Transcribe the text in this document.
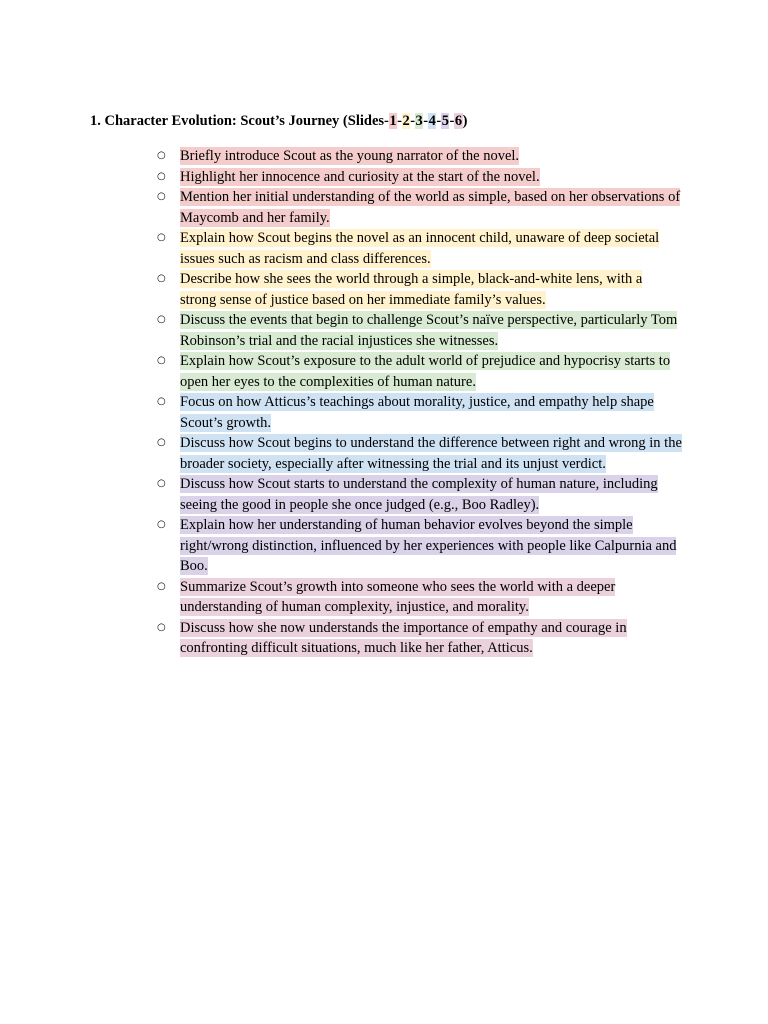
1. Character Evolution: Scout’s Journey (Slides-1-2-3-4-5-6)
○ Briefly introduce Scout as the young narrator of the novel.
○ Highlight her innocence and curiosity at the start of the novel.
○ Mention her initial understanding of the world as simple, based on her observations of Maycomb and her family.
○ Explain how Scout begins the novel as an innocent child, unaware of deep societal issues such as racism and class differences.
○ Describe how she sees the world through a simple, black-and-white lens, with a strong sense of justice based on her immediate family’s values.
○ Discuss the events that begin to challenge Scout’s naïve perspective, particularly Tom Robinson’s trial and the racial injustices she witnesses.
○ Explain how Scout’s exposure to the adult world of prejudice and hypocrisy starts to open her eyes to the complexities of human nature.
○ Focus on how Atticus’s teachings about morality, justice, and empathy help shape Scout’s growth.
○ Discuss how Scout begins to understand the difference between right and wrong in the broader society, especially after witnessing the trial and its unjust verdict.
○ Discuss how Scout starts to understand the complexity of human nature, including seeing the good in people she once judged (e.g., Boo Radley).
○ Explain how her understanding of human behavior evolves beyond the simple right/wrong distinction, influenced by her experiences with people like Calpurnia and Boo.
○ Summarize Scout’s growth into someone who sees the world with a deeper understanding of human complexity, injustice, and morality.
○ Discuss how she now understands the importance of empathy and courage in confronting difficult situations, much like her father, Atticus.
